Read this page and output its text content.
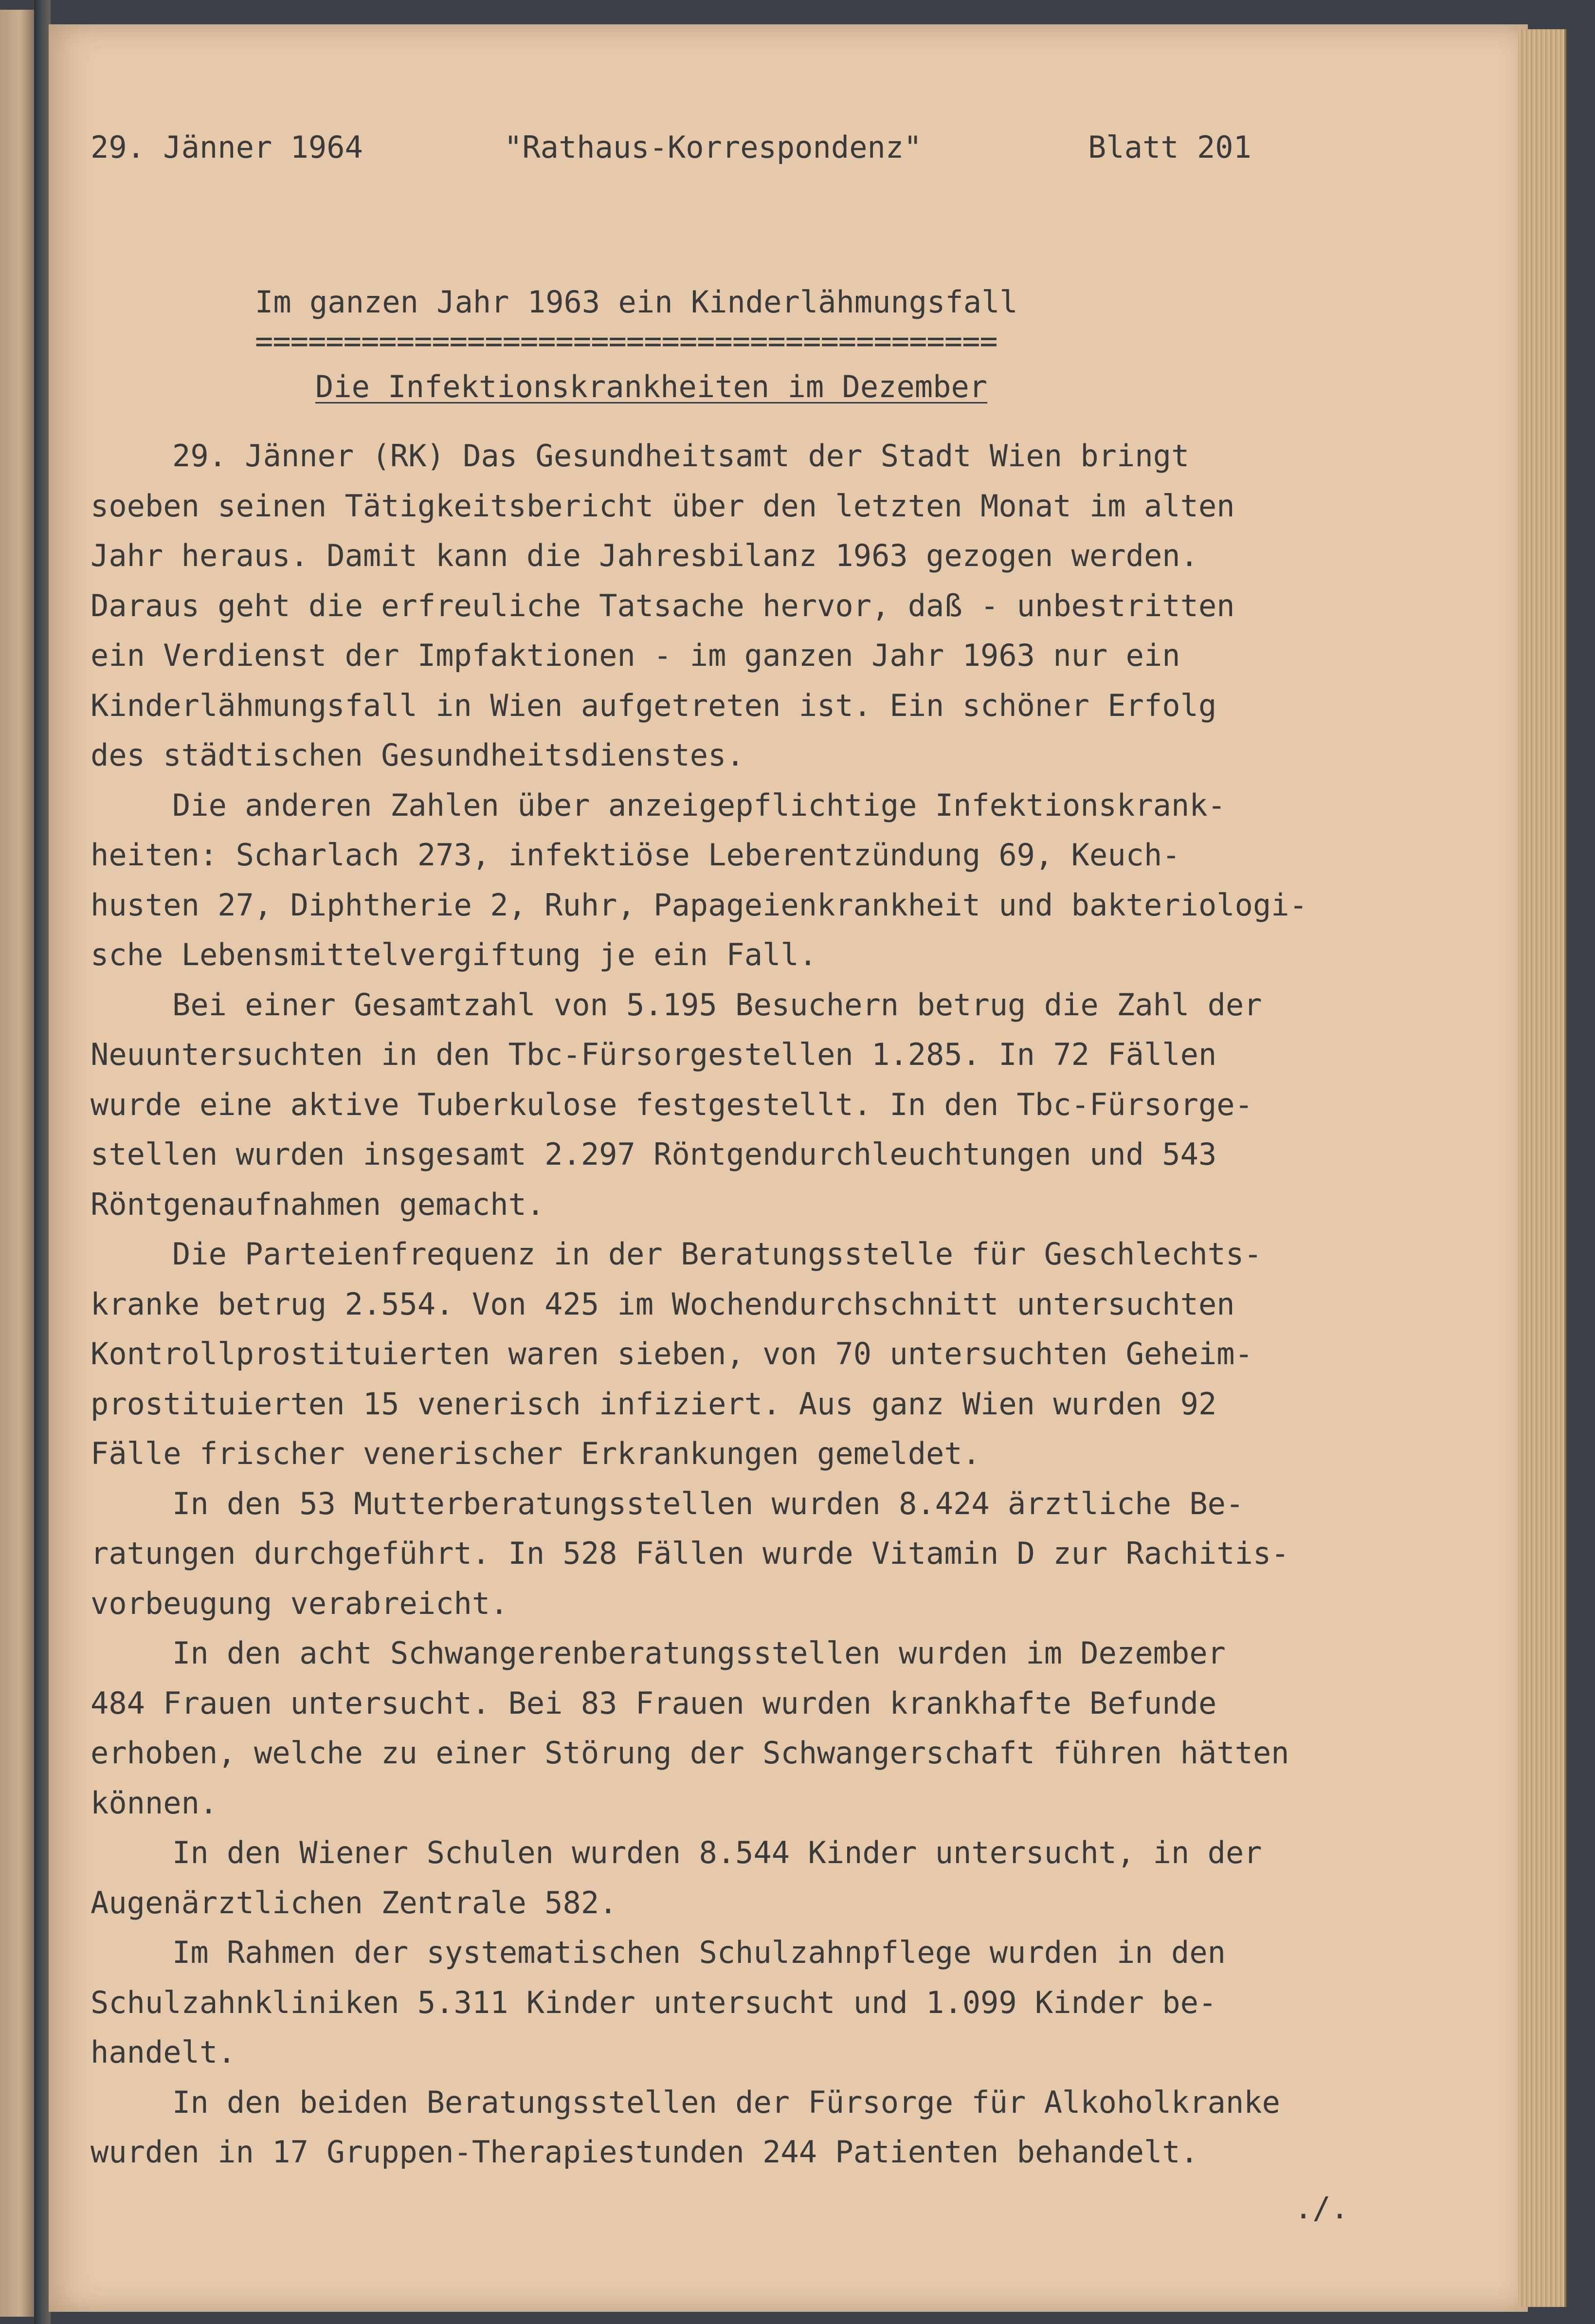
29. Jänner 1964	"Rathaus-Korrespondenz"	Blatt 201
Im ganzen Jahr 1963 ein Kinderlähmungsfall
==========================================
Die Infektionskrankheiten im Dezember

29. Jänner (RK) Das Gesundheitsamt der Stadt Wien bringt

soeben seinen Tätigkeitsbericht über den letzten Monat im alten

Jahr heraus. Damit kann die Jahresbilanz 1963 gezogen werden.

Daraus geht die erfreuliche Tatsache hervor, daß - unbestritten

ein Verdienst der Impfaktionen - im ganzen Jahr 1963 nur ein

Kinderlähmungsfall in Wien aufgetreten ist. Ein schöner Erfolg

des städtischen Gesundheitsdienstes.

Die anderen Zahlen über anzeigepflichtige Infektionskrank-

heiten: Scharlach 273, infektiöse Leberentzündung 69, Keuch-

husten 27, Diphtherie 2, Ruhr, Papageienkrankheit und bakteriologi-

sche Lebensmittelvergiftung je ein Fall.

Bei einer Gesamtzahl von 5.195 Besuchern betrug die Zahl der

Neuuntersuchten in den Tbc-Fürsorgestellen 1.285. In 72 Fällen

wurde eine aktive Tuberkulose festgestellt. In den Tbc-Fürsorge-

stellen wurden insgesamt 2.297 Röntgendurchleuchtungen und 543

Röntgenaufnahmen gemacht.

Die Parteienfrequenz in der Beratungsstelle für Geschlechts-

kranke betrug 2.554. Von 425 im Wochendurchschnitt untersuchten

Kontrollprostituierten waren sieben, von 70 untersuchten Geheim-

prostituierten 15 venerisch infiziert. Aus ganz Wien wurden 92

Fälle frischer venerischer Erkrankungen gemeldet.

In den 53 Mutterberatungsstellen wurden 8.424 ärztliche Be-

ratungen durchgeführt. In 528 Fällen wurde Vitamin D zur Rachitis-

vorbeugung verabreicht.

In den acht Schwangerenberatungsstellen wurden im Dezember

484 Frauen untersucht. Bei 83 Frauen wurden krankhafte Befunde

erhoben, welche zu einer Störung der Schwangerschaft führen hätten

können.

In den Wiener Schulen wurden 8.544 Kinder untersucht, in der

Augenärztlichen Zentrale 582.

Im Rahmen der systematischen Schulzahnpflege wurden in den

Schulzahnkliniken 5.311 Kinder untersucht und 1.099 Kinder be-

handelt.

In den beiden Beratungsstellen der Fürsorge für Alkoholkranke

wurden in 17 Gruppen-Therapiestunden 244 Patienten behandelt.

./.
